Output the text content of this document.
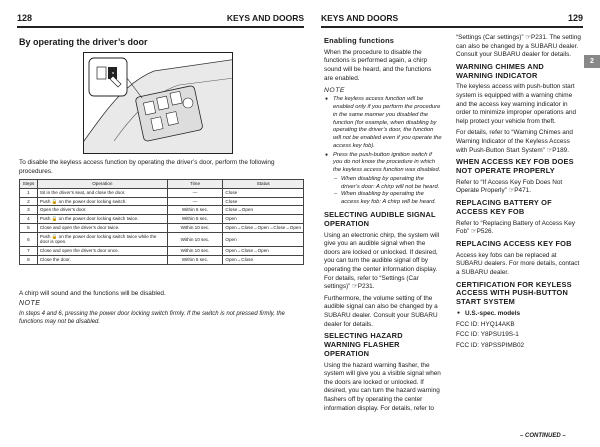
128	KEYS AND DOORS KEYS AND DOORS	129
By operating the driver’s door
To disable the keyless access function by operating the driver’s door, perform the following procedures.
Steps	Operation	Time	Status
1	Sit in the driver’s seat, and close the door.	—	Close
2	Push 🔒 on the power door locking switch.	—	Close
3	Open the driver’s door.	Within 5 sec.	Close→Open
4	Push 🔒 on the power door locking switch twice.	Within 5 sec.	Open
5	Close and open the driver’s door twice.	Within 10 sec.	Open→Close→Open→Close→Open
6	Push 🔒 on the power door locking switch twice while the door is open.	Within 10 sec.	Open
7	Close and open the driver’s door once.	Within 10 sec.	Open→Close→Open
8	Close the door.	Within 5 sec.	Open→Close
A chirp will sound and the functions will be disabled.
NOTE
In steps 4 and 6, pressing the power door locking switch firmly. If the switch is not pressed firmly, the functions may not be disabled.
Enabling functions
When the procedure to disable the functions is performed again, a chirp sound will be heard, and the functions are enabled.
NOTE
● The keyless access function will be enabled only if you perform the procedure in the same manner you disabled the function (for example, when disabling by operating the driver’s door, the function will not be enabled even if you operate the access key fob).
● Press the push-button ignition switch if you do not know the procedure in which the keyless access function was disabled.
– When disabling by operating the driver’s door: A chirp will not be heard.
– When disabling by operating the access key fob: A chirp will be heard.
SELECTING AUDIBLE SIGNAL OPERATION
Using an electronic chirp, the system will give you an audible signal when the doors are locked or unlocked. If desired, you can turn the audible signal off by operating the center information display. For details, refer to “Settings (Car settings)” ☞P231.
Furthermore, the volume setting of the audible signal can also be changed by a SUBARU dealer. Consult your SUBARU dealer for details.
SELECTING HAZARD WARNING FLASHER OPERATION
Using the hazard warning flasher, the system will give you a visible signal when the doors are locked or unlocked. If desired, you can turn the hazard warning flashers off by operating the center information display. For details, refer to
“Settings (Car settings)” ☞P231. The setting can also be changed by a SUBARU dealer. Consult your SUBARU dealer for details.
WARNING CHIMES AND WARNING INDICATOR
The keyless access with push-button start system is equipped with a warning chime and the access key warning indicator in order to minimize improper operations and help protect your vehicle from theft.
For details, refer to “Warning Chimes and Warning Indicator of the Keyless Access with Push-Button Start System” ☞P189.
WHEN ACCESS KEY FOB DOES NOT OPERATE PROPERLY
Refer to “If Access Key Fob Does Not Operate Properly” ☞P471.
REPLACING BATTERY OF ACCESS KEY FOB
Refer to “Replacing Battery of Access Key Fob” ☞P526.
REPLACING ACCESS KEY FOB
Access key fobs can be replaced at SUBARU dealers. For more details, contact a SUBARU dealer.
CERTIFICATION FOR KEYLESS ACCESS WITH PUSH-BUTTON START SYSTEM
● U.S.-spec. models
FCC ID: HYQ14AKB
FCC ID: Y8PSU19S-1
FCC ID: Y8PSSPIMB02
2
– CONTINUED –
